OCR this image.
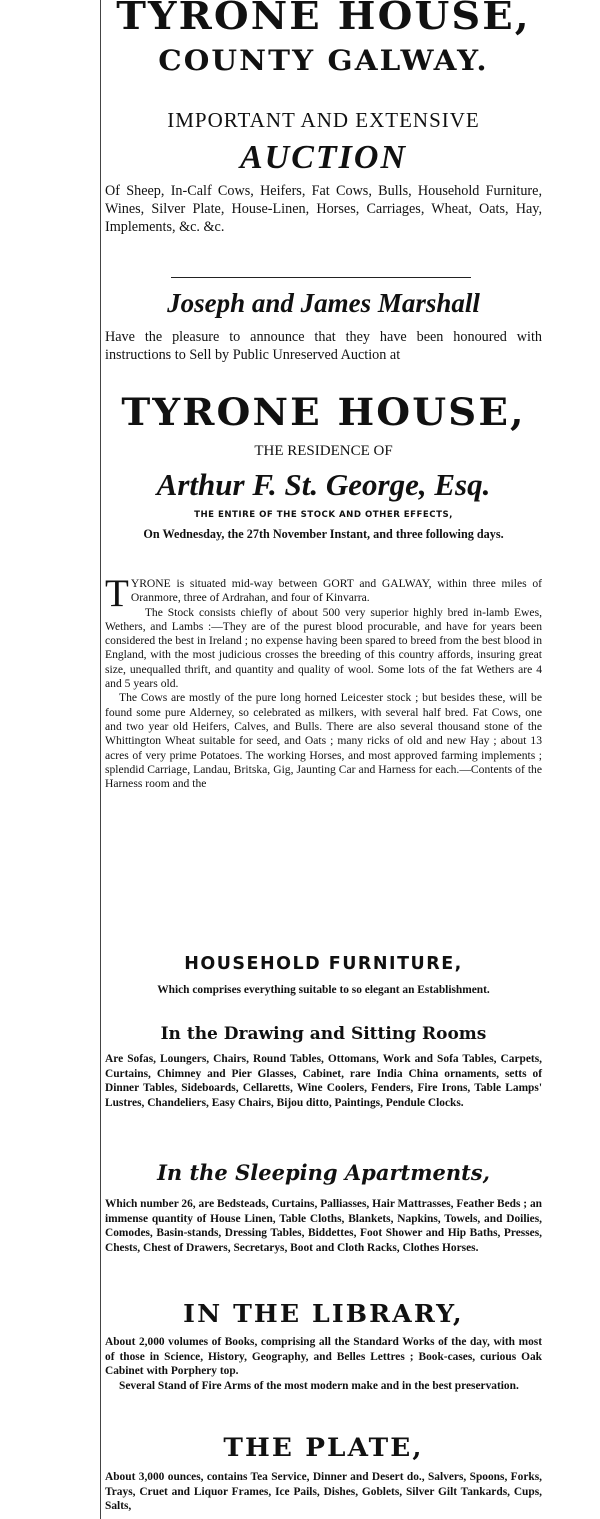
TYRONE HOUSE,
COUNTY GALWAY.
IMPORTANT AND EXTENSIVE
AUCTION
Of Sheep, In-Calf Cows, Heifers, Fat Cows, Bulls, Household Furniture, Wines, Silver Plate, House-Linen, Horses, Carriages, Wheat, Oats, Hay, Implements, &c. &c.
Joseph and James Marshall
Have the pleasure to announce that they have been honoured with instructions to Sell by Public Unreserved Auction at
TYRONE HOUSE,
THE RESIDENCE OF
Arthur F. St. George, Esq.
THE ENTIRE OF THE STOCK AND OTHER EFFECTS,
On Wednesday, the 27th November Instant, and three following days.

TYRONE is situated mid-way between GORT and GALWAY, within three miles of Oranmore, three of Ardrahan, and four of Kinvarra.

The Stock consists chiefly of about 500 very superior highly bred in-lamb Ewes, Wethers, and Lambs :—They are of the purest blood procurable, and have for years been considered the best in Ireland ; no expense having been spared to breed from the best blood in England, with the most judicious crosses the breeding of this country affords, insuring great size, unequalled thrift, and quantity and quality of wool. Some lots of the fat Wethers are 4 and 5 years old.

The Cows are mostly of the pure long horned Leicester stock ; but besides these, will be found some pure Alderney, so celebrated as milkers, with several half bred. Fat Cows, one and two year old Heifers, Calves, and Bulls. There are also several thousand stone of the Whittington Wheat suitable for seed, and Oats ; many ricks of old and new Hay ; about 13 acres of very prime Potatoes. The working Horses, and most approved farming implements ; splendid Carriage, Landau, Britska, Gig, Jaunting Car and Harness for each.—Contents of the Harness room and the

HOUSEHOLD FURNITURE,
Which comprises everything suitable to so elegant an Establishment.
In the Drawing and Sitting Rooms
Are Sofas, Loungers, Chairs, Round Tables, Ottomans, Work and Sofa Tables, Carpets, Curtains, Chimney and Pier Glasses, Cabinet, rare India China ornaments, setts of Dinner Tables, Sideboards, Cellaretts, Wine Coolers, Fenders, Fire Irons, Table Lamps' Lustres, Chandeliers, Easy Chairs, Bijou ditto, Paintings, Pendule Clocks.
In the Sleeping Apartments,
Which number 26, are Bedsteads, Curtains, Palliasses, Hair Mattrasses, Feather Beds ; an immense quantity of House Linen, Table Cloths, Blankets, Napkins, Towels, and Doilies, Comodes, Basin-stands, Dressing Tables, Biddettes, Foot Shower and Hip Baths, Presses, Chests, Chest of Drawers, Secretarys, Boot and Cloth Racks, Clothes Horses.
IN THE LIBRARY,

About 2,000 volumes of Books, comprising all the Standard Works of the day, with most of those in Science, History, Geography, and Belles Lettres ; Book-cases, curious Oak Cabinet with Porphery top.

Several Stand of Fire Arms of the most modern make and in the best preservation.

THE PLATE,
About 3,000 ounces, contains Tea Service, Dinner and Desert do., Salvers, Spoons, Forks, Trays, Cruet and Liquor Frames, Ice Pails, Dishes, Goblets, Silver Gilt Tankards, Cups, Salts,
